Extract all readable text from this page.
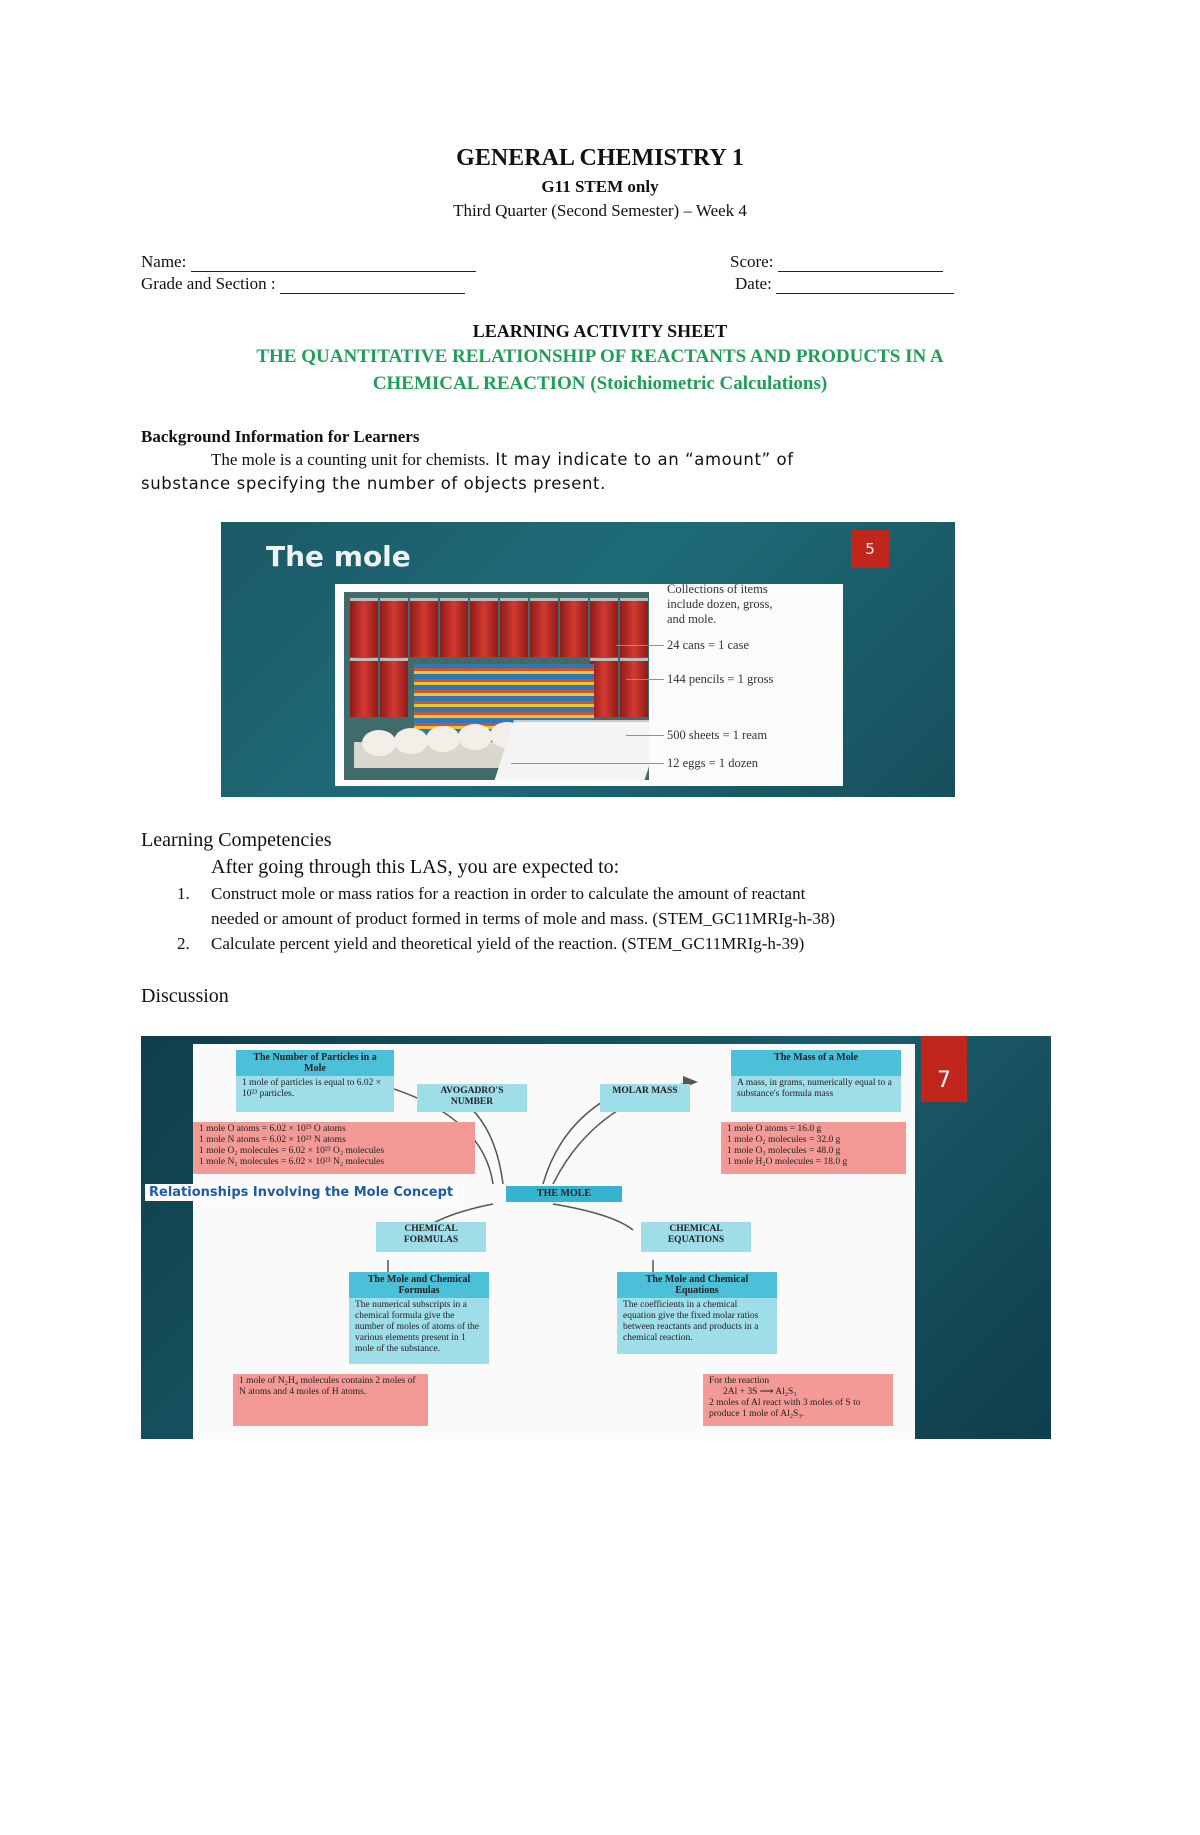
GENERAL CHEMISTRY 1
G11 STEM only
Third Quarter (Second Semester) – Week 4
Name:	Score:
Grade and Section :	Date:
LEARNING ACTIVITY SHEET
THE QUANTITATIVE RELATIONSHIP OF REACTANTS AND PRODUCTS IN A
CHEMICAL REACTION (Stoichiometric Calculations)
Background Information for Learners
The mole is a counting unit for chemists. It may indicate to an “amount” of
substance specifying the number of objects present.
The mole	5
Collections of items
include dozen, gross,
and mole.
24 cans = 1 case
144 pencils = 1 gross
500 sheets = 1 ream
12 eggs = 1 dozen
Learning Competencies
After going through this LAS, you are expected to:
1. Construct mole or mass ratios for a reaction in order to calculate the amount of reactant
needed or amount of product formed in terms of mole and mass. (STEM_GC11MRIg-h-38)
2. Calculate percent yield and theoretical yield of the reaction. (STEM_GC11MRIg-h-39)
Discussion
7
The Number of Particles in a Mole
1 mole of particles is equal to 6.02 × 10²³ particles.
1 mole O atoms = 6.02 × 10²³ O atoms
1 mole N atoms = 6.02 × 10²³ N atoms
1 mole O₂ molecules = 6.02 × 10²³ O₂ molecules
1 mole N₂ molecules = 6.02 × 10²³ N₂ molecules
AVOGADRO'S NUMBER
MOLAR MASS
The Mass of a Mole
A mass, in grams, numerically equal to a substance's formula mass
1 mole O atoms = 16.0 g
1 mole O₂ molecules = 32.0 g
1 mole O₃ molecules = 48.0 g
1 mole H₂O molecules = 18.0 g
Relationships Involving the Mole Concept	THE MOLE
CHEMICAL FORMULAS
CHEMICAL EQUATIONS
The Mole and Chemical Formulas
The numerical subscripts in a chemical formula give the number of moles of atoms of the various elements present in 1 mole of the substance.
The Mole and Chemical Equations
The coefficients in a chemical equation give the fixed molar ratios between reactants and products in a chemical reaction.
1 mole of N₂H₄ molecules contains 2 moles of N atoms and 4 moles of H atoms.
For the reaction
2Al + 3S ⟶ Al₂S₃
2 moles of Al react with 3 moles of S to produce 1 mole of Al₂S₃.
